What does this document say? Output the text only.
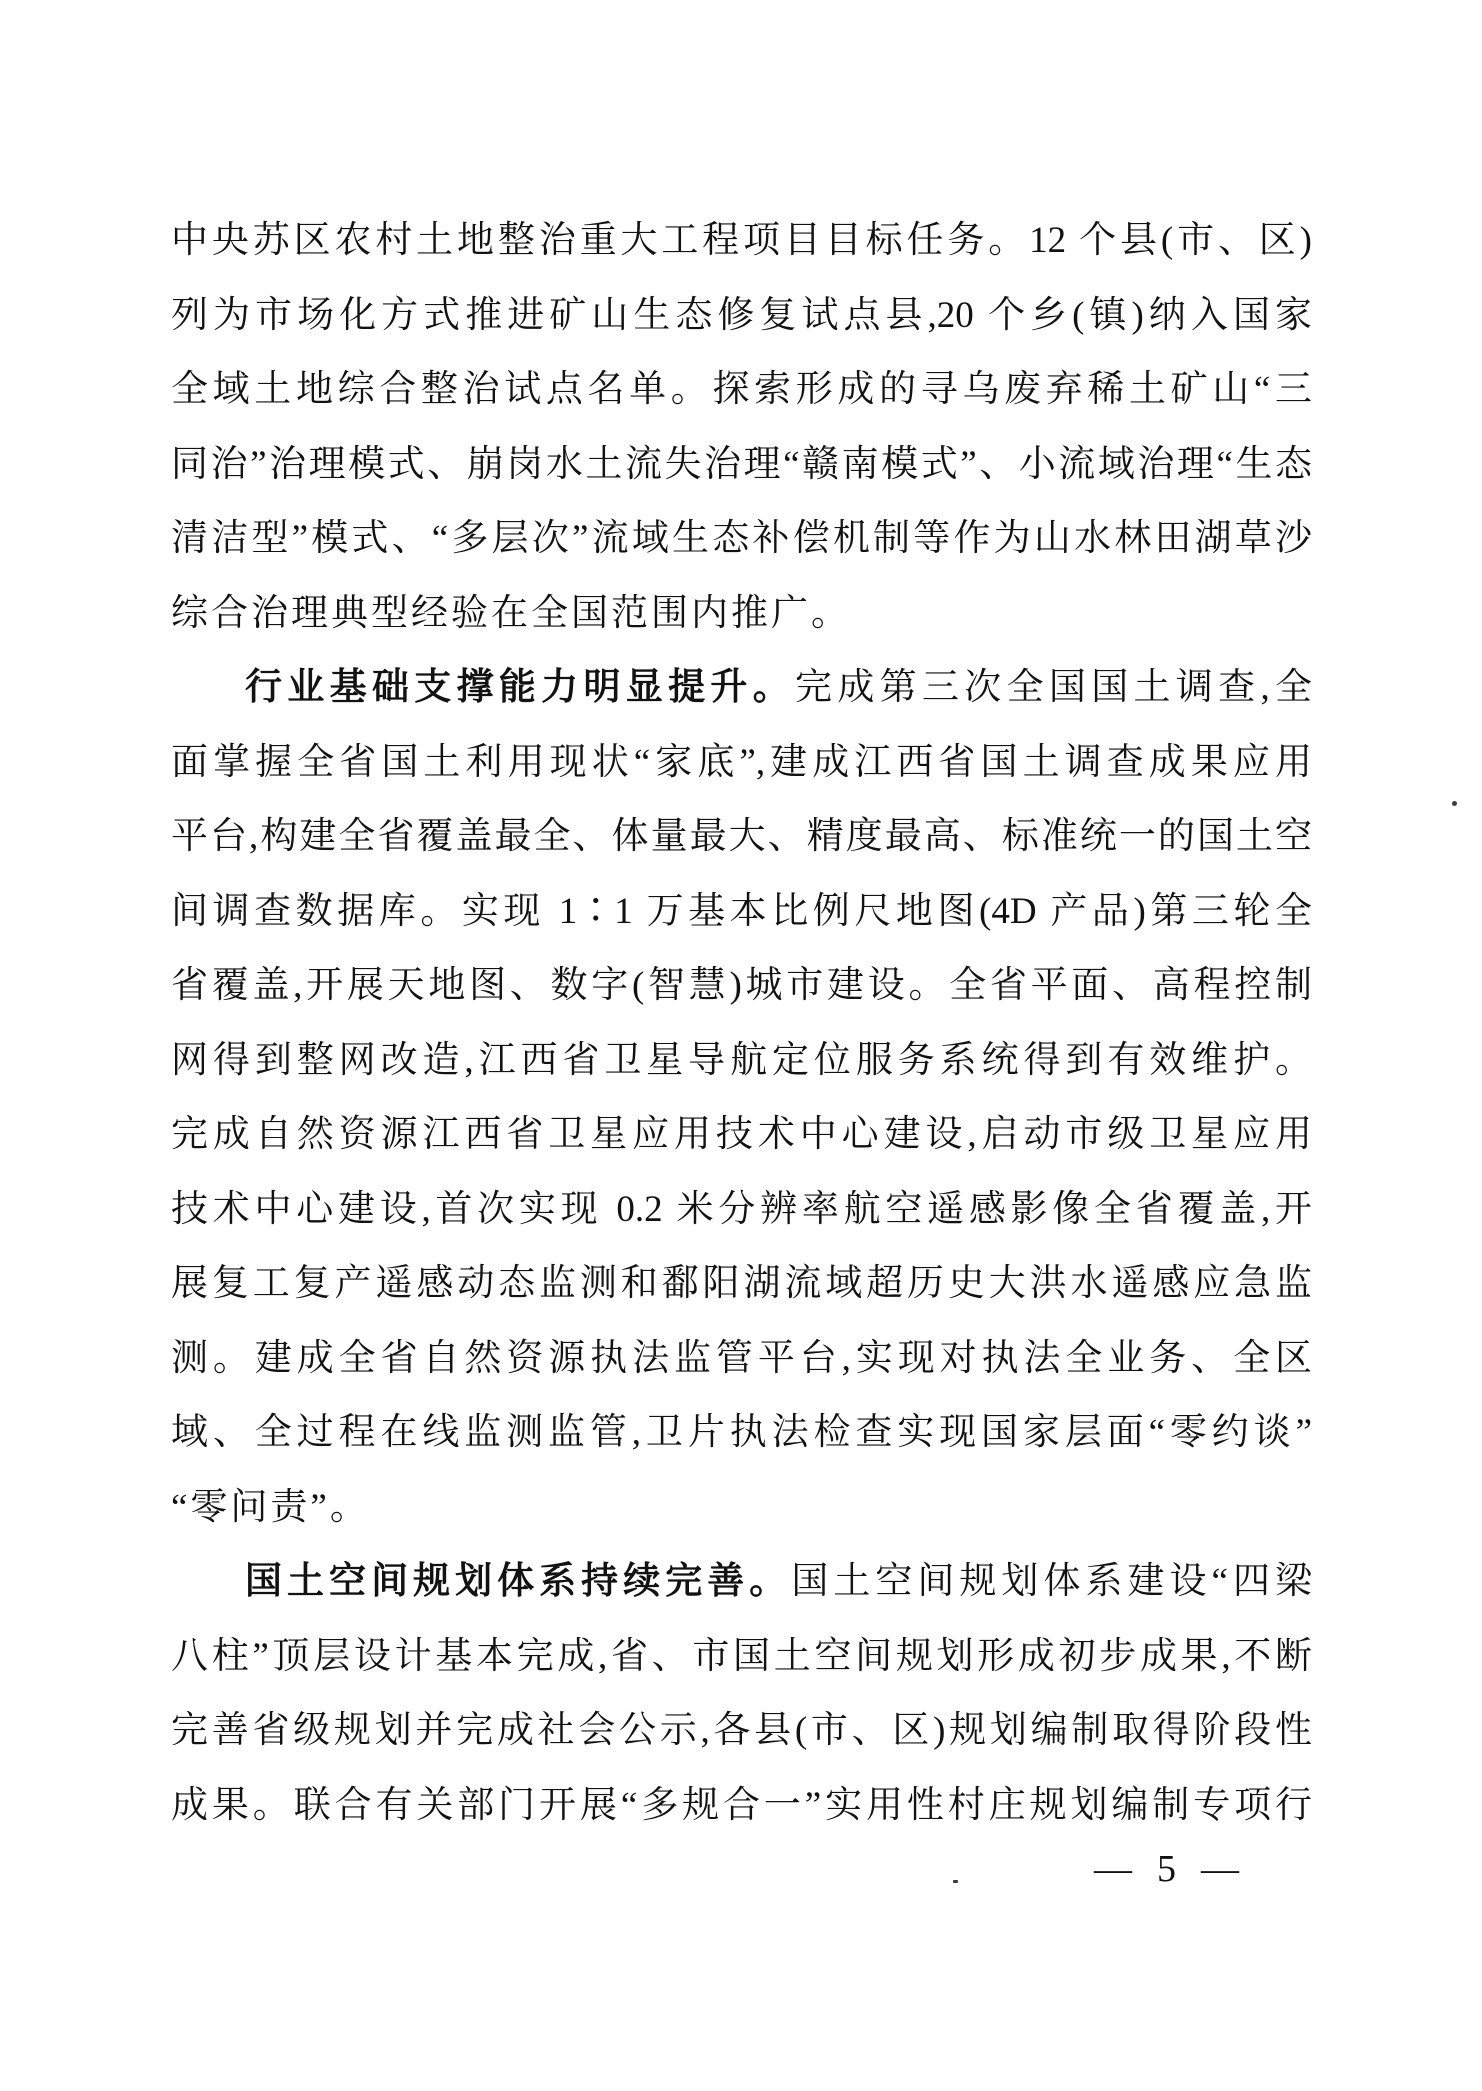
中央苏区农村土地整治重大工程项目目标任务。12 个县(市、区)
列为市场化方式推进矿山生态修复试点县,20 个乡(镇)纳入国家
全域土地综合整治试点名单。探索形成的寻乌废弃稀土矿山“三
同治”治理模式、崩岗水土流失治理“赣南模式”、小流域治理“生态
清洁型”模式、“多层次”流域生态补偿机制等作为山水林田湖草沙
综合治理典型经验在全国范围内推广。
行业基础支撑能力明显提升。完成第三次全国国土调查,全
面掌握全省国土利用现状“家底”,建成江西省国土调查成果应用
平台,构建全省覆盖最全、体量最大、精度最高、标准统一的国土空
间调查数据库。实现 1∶1 万基本比例尺地图(4D 产品)第三轮全
省覆盖,开展天地图、数字(智慧)城市建设。全省平面、高程控制
网得到整网改造,江西省卫星导航定位服务系统得到有效维护。
完成自然资源江西省卫星应用技术中心建设,启动市级卫星应用
技术中心建设,首次实现 0.2 米分辨率航空遥感影像全省覆盖,开
展复工复产遥感动态监测和鄱阳湖流域超历史大洪水遥感应急监
测。建成全省自然资源执法监管平台,实现对执法全业务、全区
域、全过程在线监测监管,卫片执法检查实现国家层面“零约谈”
“零问责”。
国土空间规划体系持续完善。国土空间规划体系建设“四梁
八柱”顶层设计基本完成,省、市国土空间规划形成初步成果,不断
完善省级规划并完成社会公示,各县(市、区)规划编制取得阶段性
成果。联合有关部门开展“多规合一”实用性村庄规划编制专项行
— 5 —
